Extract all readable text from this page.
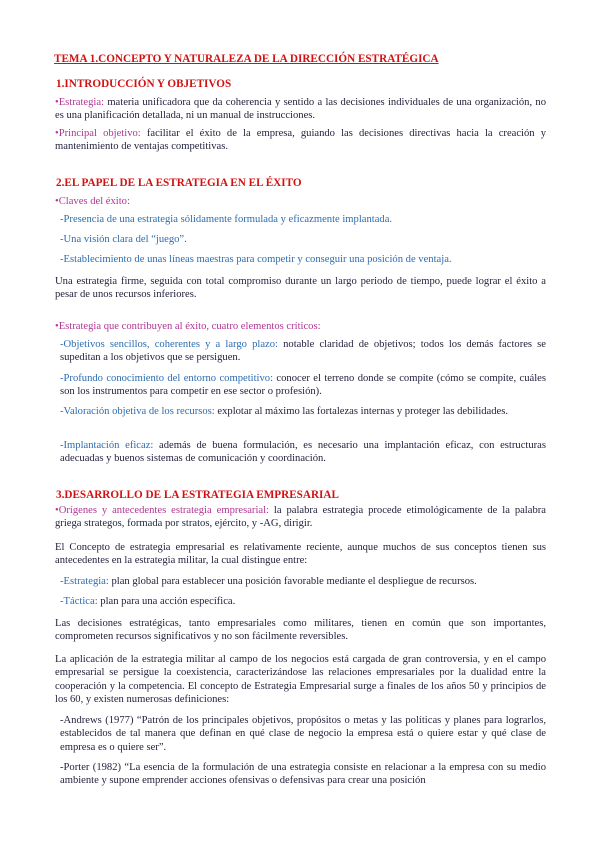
TEMA 1.CONCEPTO Y NATURALEZA DE LA DIRECCIÓN ESTRATÉGICA
1.INTRODUCCIÓN Y OBJETIVOS
•Estrategia: materia unificadora que da coherencia y sentido a las decisiones individuales de una organización, no es una planificación detallada, ni un manual de instrucciones.
•Principal objetivo: facilitar el éxito de la empresa, guiando las decisiones directivas hacia la creación y mantenimiento de ventajas competitivas.
2.EL PAPEL DE LA ESTRATEGIA EN EL ÉXITO
•Claves del éxito:
-Presencia de una estrategia sólidamente formulada y eficazmente implantada.
-Una visión clara del “juego”.
-Establecimiento de unas líneas maestras para competir y conseguir una posición de ventaja.
Una estrategia firme, seguida con total compromiso durante un largo periodo de tiempo, puede lograr el éxito a pesar de unos recursos inferiores.
•Estrategia que contribuyen al éxito, cuatro elementos críticos:
-Objetivos sencillos, coherentes y a largo plazo: notable claridad de objetivos; todos los demás factores se supeditan a los objetivos que se persiguen.
-Profundo conocimiento del entorno competitivo: conocer el terreno donde se compite (cómo se compite, cuáles son los instrumentos para competir en ese sector o profesión).
-Valoración objetiva de los recursos: explotar al máximo las fortalezas internas y proteger las debilidades.
-Implantación eficaz: además de buena formulación, es necesario una implantación eficaz, con estructuras adecuadas y buenos sistemas de comunicación y coordinación.
3.DESARROLLO DE LA ESTRATEGIA EMPRESARIAL
•Orígenes y antecedentes estrategia empresarial: la palabra estrategia procede etimológicamente de la palabra griega strategos, formada por stratos, ejército, y -AG, dirigir.
El Concepto de estrategia empresarial es relativamente reciente, aunque muchos de sus conceptos tienen sus antecedentes en la estrategia militar, la cual distingue entre:
-Estrategia: plan global para establecer una posición favorable mediante el despliegue de recursos.
-Táctica: plan para una acción específica.
Las decisiones estratégicas, tanto empresariales como militares, tienen en común que son importantes, comprometen recursos significativos y no son fácilmente reversibles.
La aplicación de la estrategia militar al campo de los negocios está cargada de gran controversia, y en el campo empresarial se persigue la coexistencia, caracterizándose las relaciones empresariales por la dualidad entre la cooperación y la competencia. El concepto de Estrategia Empresarial surge a finales de los años 50 y principios de los 60, y existen numerosas definiciones:
-Andrews (1977) “Patrón de los principales objetivos, propósitos o metas y las políticas y planes para lograrlos, establecidos de tal manera que definan en qué clase de negocio la empresa está o quiere estar y qué clase de empresa es o quiere ser”.
-Porter (1982) “La esencia de la formulación de una estrategia consiste en relacionar a la empresa con su medio ambiente y supone emprender acciones ofensivas o defensivas para crear una posición
